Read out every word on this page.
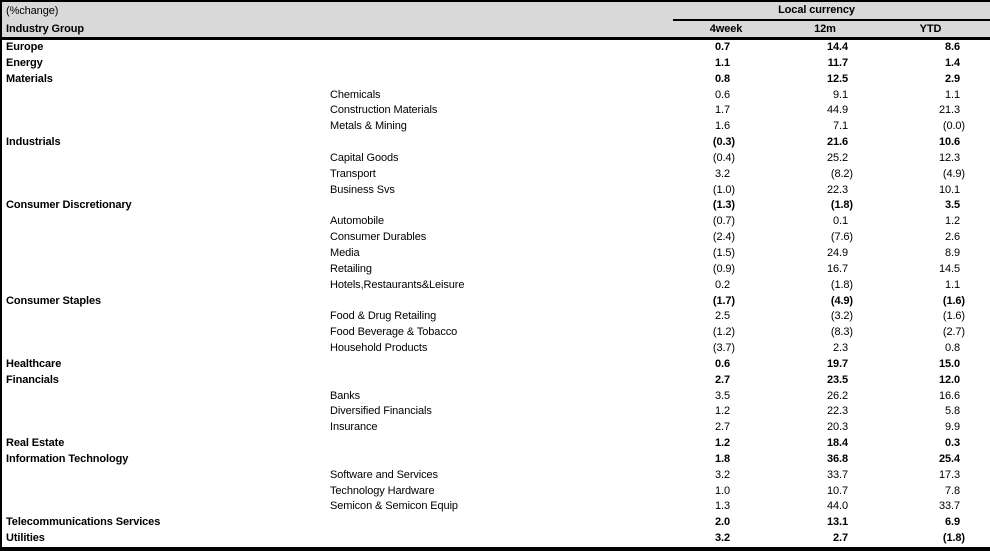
(%change)	Local currency		
Industry Group	4week	12m	YTD
Europe	0.7	14.4	8.6
Energy	1.1	11.7	1.4
Materials	0.8	12.5	2.9
Chemicals	0.6	9.1	1.1
Construction Materials	1.7	44.9	21.3
Metals & Mining	1.6	7.1	(0.0)
Industrials	(0.3)	21.6	10.6
Capital Goods	(0.4)	25.2	12.3
Transport	3.2	(8.2)	(4.9)
Business Svs	(1.0)	22.3	10.1
Consumer Discretionary	(1.3)	(1.8)	3.5
Automobile	(0.7)	0.1	1.2
Consumer Durables	(2.4)	(7.6)	2.6
Media	(1.5)	24.9	8.9
Retailing	(0.9)	16.7	14.5
Hotels,Restaurants&Leisure	0.2	(1.8)	1.1
Consumer Staples	(1.7)	(4.9)	(1.6)
Food & Drug Retailing	2.5	(3.2)	(1.6)
Food Beverage & Tobacco	(1.2)	(8.3)	(2.7)
Household Products	(3.7)	2.3	0.8
Healthcare	0.6	19.7	15.0
Financials	2.7	23.5	12.0
Banks	3.5	26.2	16.6
Diversified Financials	1.2	22.3	5.8
Insurance	2.7	20.3	9.9
Real Estate	1.2	18.4	0.3
Information Technology	1.8	36.8	25.4
Software and Services	3.2	33.7	17.3
Technology Hardware	1.0	10.7	7.8
Semicon & Semicon Equip	1.3	44.0	33.7
Telecommunications Services	2.0	13.1	6.9
Utilities	3.2	2.7	(1.8)
